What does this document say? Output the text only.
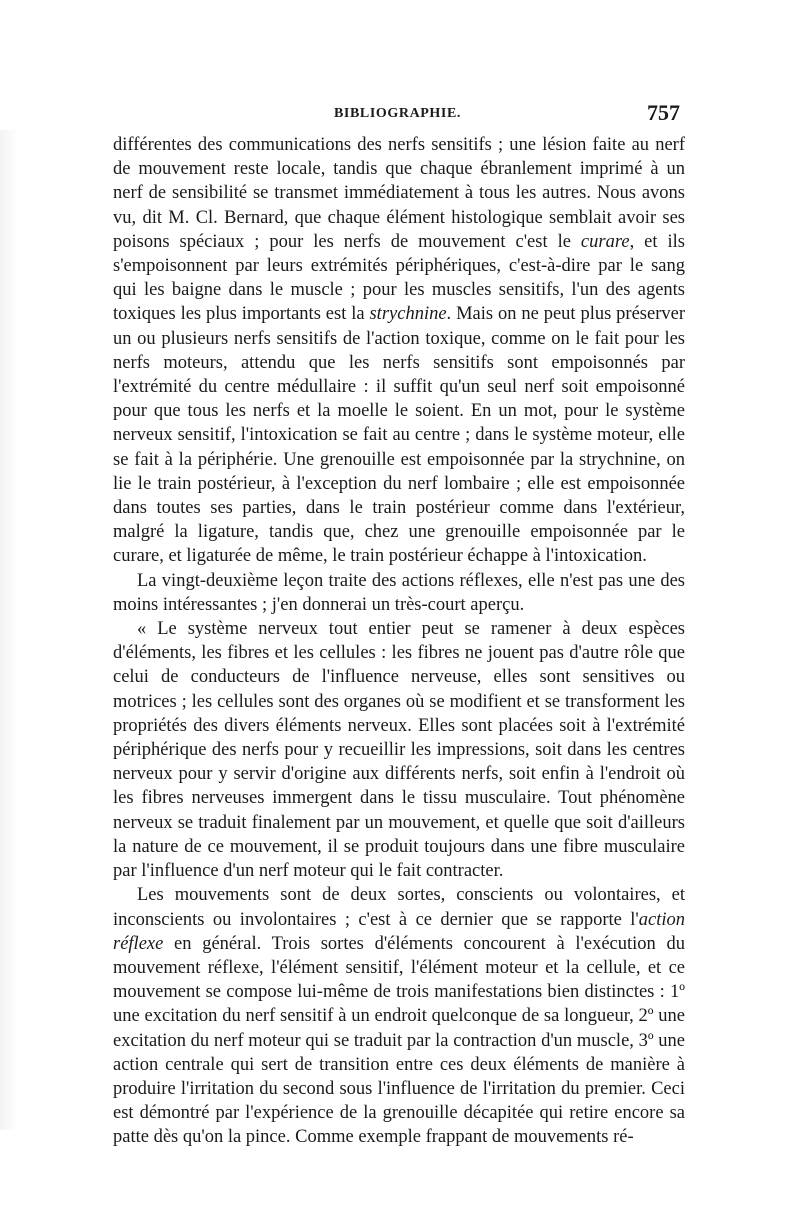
BIBLIOGRAPHIE.	757

différentes des communications des nerfs sensitifs ; une lésion faite au nerf de mouvement reste locale, tandis que chaque ébranlement imprimé à un nerf de sensibilité se transmet immédiatement à tous les autres. Nous avons vu, dit M. Cl. Bernard, que chaque élément histologique semblait avoir ses poisons spéciaux ; pour les nerfs de mouvement c'est le curare, et ils s'empoisonnent par leurs extrémités périphériques, c'est-à-dire par le sang qui les baigne dans le muscle ; pour les muscles sensitifs, l'un des agents toxiques les plus importants est la strychnine. Mais on ne peut plus préserver un ou plusieurs nerfs sensitifs de l'action toxique, comme on le fait pour les nerfs moteurs, attendu que les nerfs sensitifs sont empoisonnés par l'extrémité du centre médullaire : il suffit qu'un seul nerf soit empoisonné pour que tous les nerfs et la moelle le soient. En un mot, pour le système nerveux sensitif, l'intoxication se fait au centre ; dans le système moteur, elle se fait à la périphérie. Une grenouille est empoisonnée par la strychnine, on lie le train postérieur, à l'exception du nerf lombaire ; elle est empoisonnée dans toutes ses parties, dans le train postérieur comme dans l'extérieur, malgré la ligature, tandis que, chez une grenouille empoisonnée par le curare, et ligaturée de même, le train postérieur échappe à l'intoxication.

La vingt-deuxième leçon traite des actions réflexes, elle n'est pas une des moins intéressantes ; j'en donnerai un très-court aperçu.

« Le système nerveux tout entier peut se ramener à deux espèces d'éléments, les fibres et les cellules : les fibres ne jouent pas d'autre rôle que celui de conducteurs de l'influence nerveuse, elles sont sensitives ou motrices ; les cellules sont des organes où se modifient et se transforment les propriétés des divers éléments nerveux. Elles sont placées soit à l'extrémité périphérique des nerfs pour y recueillir les impressions, soit dans les centres nerveux pour y servir d'origine aux différents nerfs, soit enfin à l'endroit où les fibres nerveuses immergent dans le tissu musculaire. Tout phénomène nerveux se traduit finalement par un mouvement, et quelle que soit d'ailleurs la nature de ce mouvement, il se produit toujours dans une fibre musculaire par l'influence d'un nerf moteur qui le fait contracter.

Les mouvements sont de deux sortes, conscients ou volontaires, et inconscients ou involontaires ; c'est à ce dernier que se rapporte l'action réflexe en général. Trois sortes d'éléments concourent à l'exécution du mouvement réflexe, l'élément sensitif, l'élément moteur et la cellule, et ce mouvement se compose lui-même de trois manifestations bien distinctes : 1º une excitation du nerf sensitif à un endroit quelconque de sa longueur, 2º une excitation du nerf moteur qui se traduit par la contraction d'un muscle, 3º une action centrale qui sert de transition entre ces deux éléments de manière à produire l'irritation du second sous l'influence de l'irritation du premier. Ceci est démontré par l'expérience de la grenouille décapitée qui retire encore sa patte dès qu'on la pince. Comme exemple frappant de mouvements ré-
